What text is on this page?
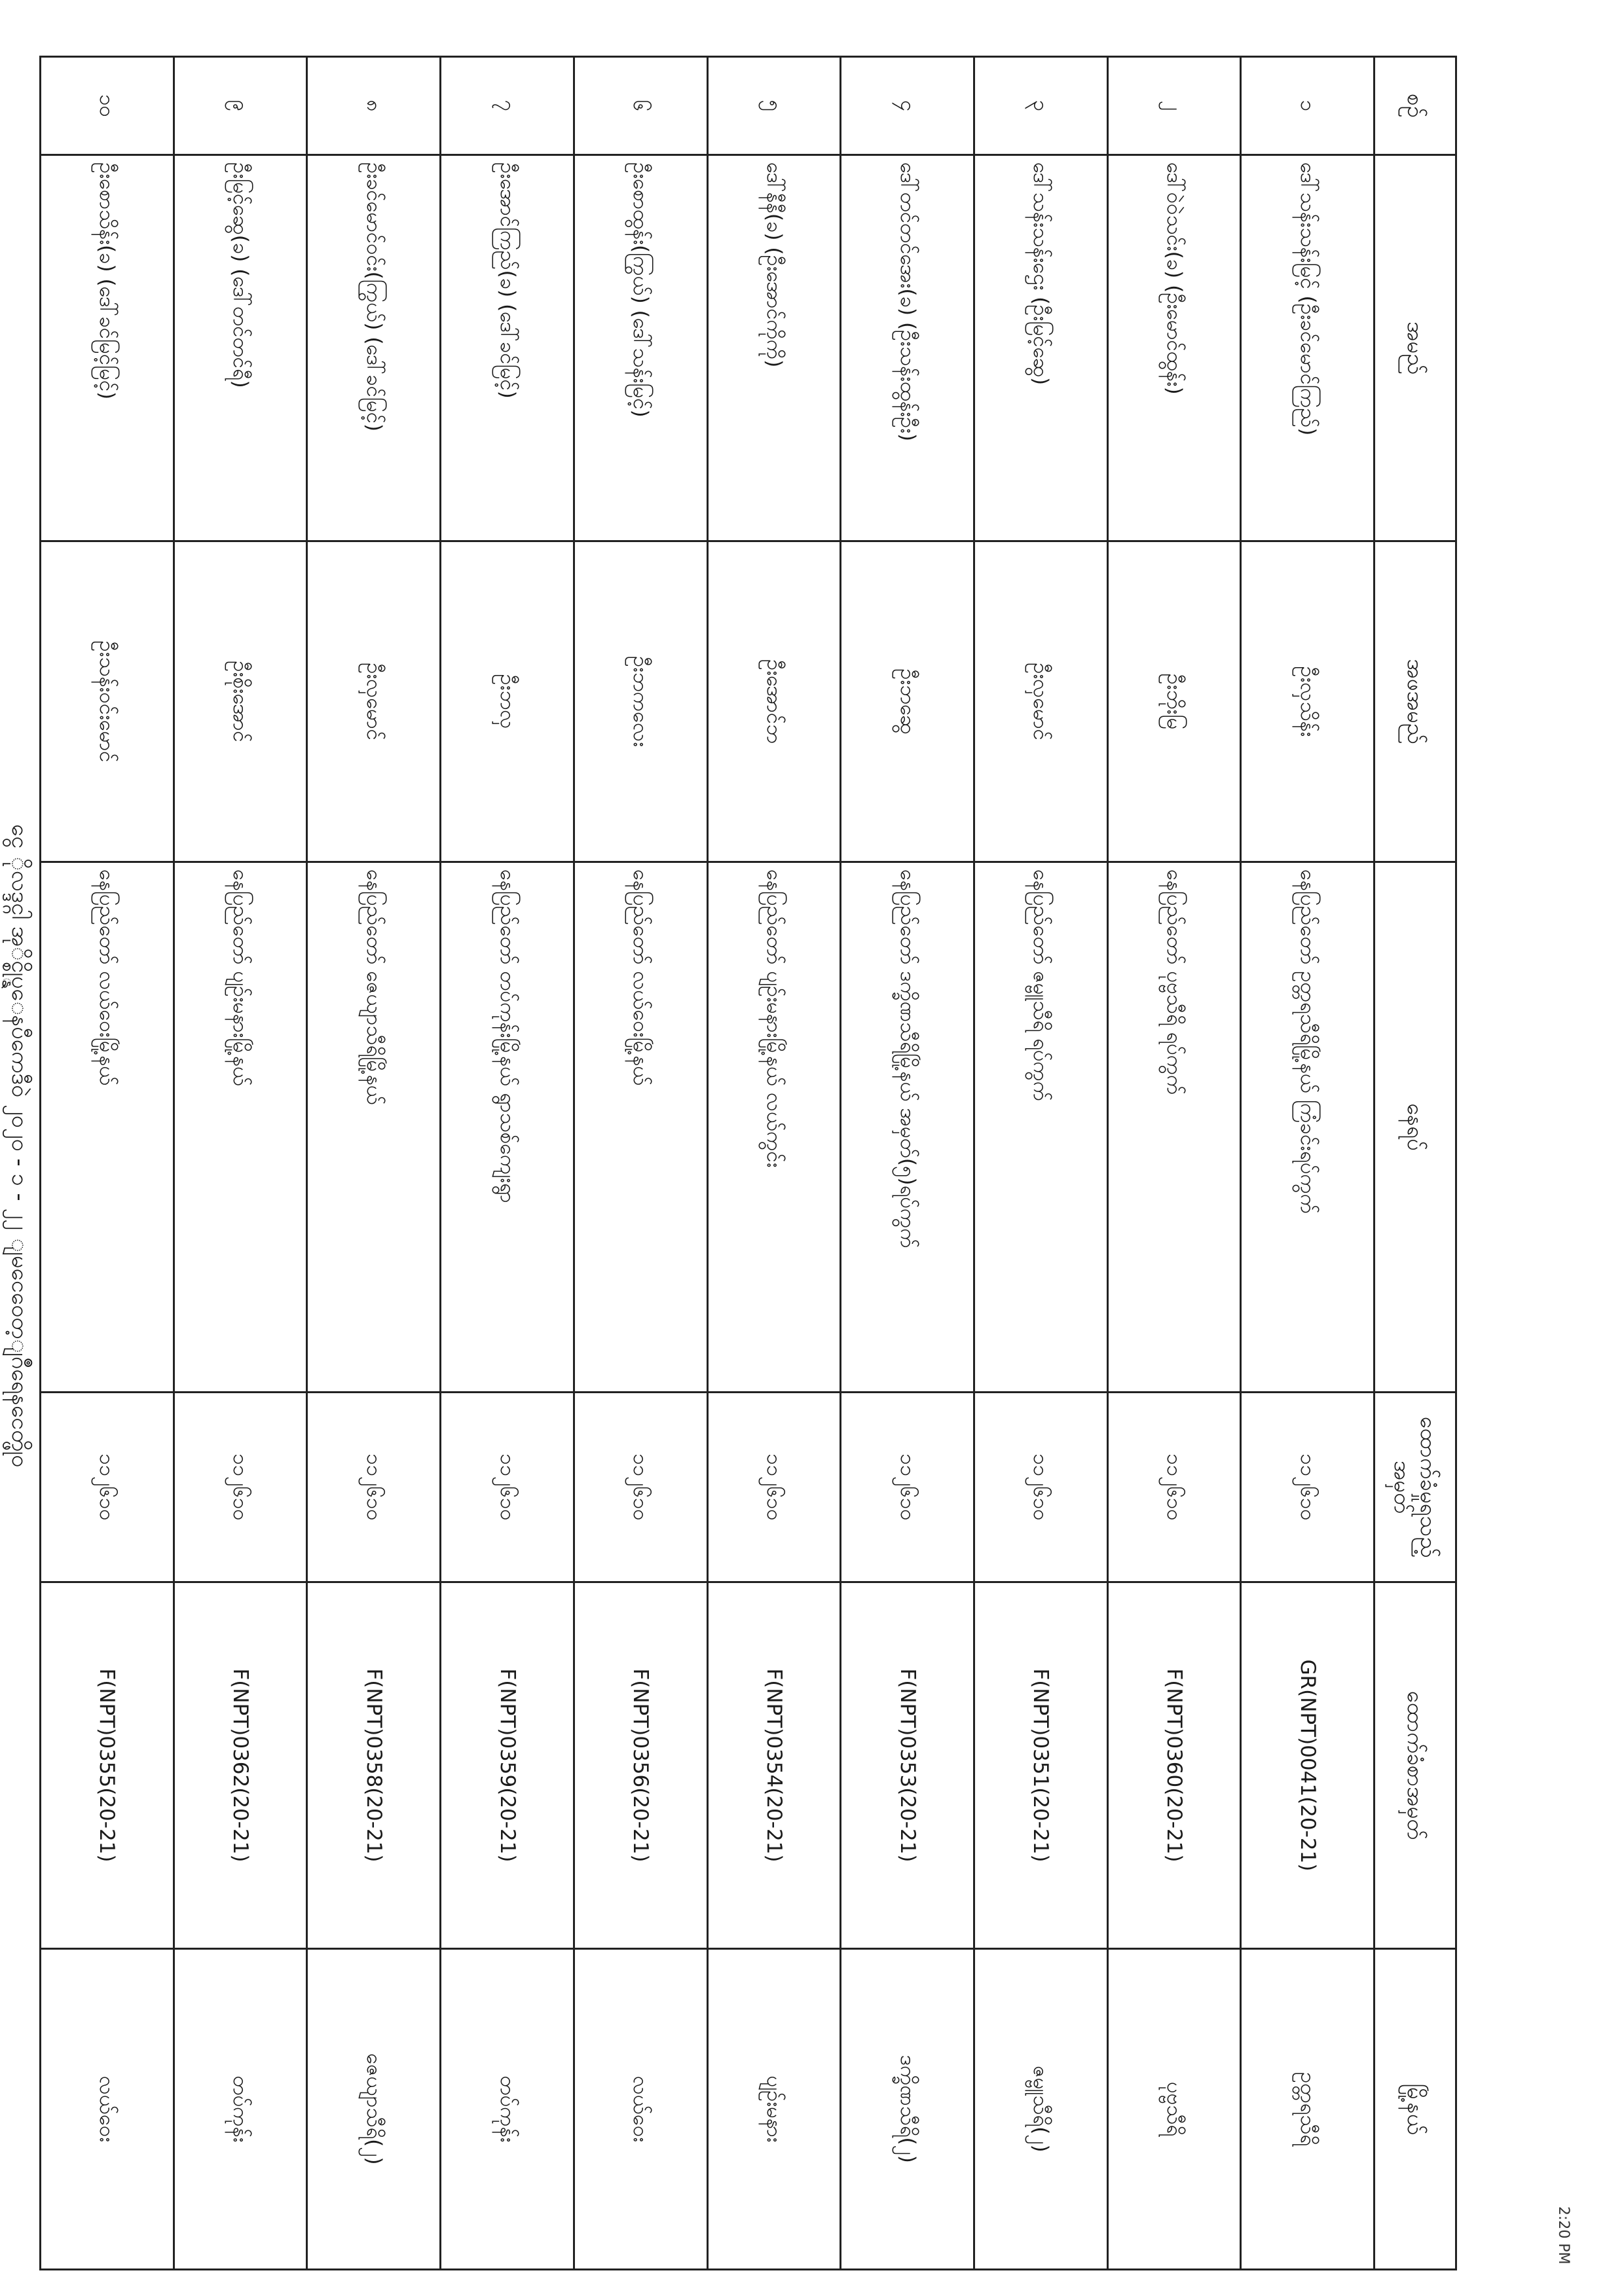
ငွေ ိုလဒ္ဒင္ဂါ အုိင္စ္နိုပ္ေနပီကေဒီဝဲ ၂၀၂၀ - ၁ - ၂၂ ျမငေဝေတ့ျဂိဳရေနငေတ္ဖိုဝ
စဥ်	အမည်	အဖအမည်	နေရပ်	ထောက်ခံမှုရသည့် အမှတ်	ထောက်ခံစာအမှတ်	မြို့နယ်
၁	ဒေါ်သန်းသန်းမြင့် (ဦးခင်မောင်ကြည်)	ဦးလှသိန်း	နေပြည်တော် ဥတ္တရသီရိမြို့နယ် ကြံခင်းရပ်ကွက်	၁၁၂၆၁၀	GR(NPT)0041(20-21)	ဥတ္တရသီရိ
၂	ဒေါ်ဝဲဝဲသင်း(ခ) (ဦးမောင်ထွန်း)	ဦးဘိုးမြ	နေပြည်တော် ပုဗ္ဗသီရိ ရပ်ကွက်	၁၁၂၆၁၀	F(NPT)0360(20-21)	ပုဗ္ဗသီရိ
၃	ဒေါ်သန်းသန်းဌေး (ဦးမြင့်ဆွေ)	ဦးလှမောင်	နေပြည်တော် ဇမ္ဗူသီရိ ရပ်ကွက်	၁၁၂၆၁၀	F(NPT)0351(20-21)	ဇမ္ဗူသီရိ(၂)
၄	ဒေါ်တင်တင်အေး(ခ) (ဦးသန်းထွန်းဦး)	ဦးဘဆွေ	နေပြည်တော် ဒက္ခိဏသီရိမြို့နယ် အမှတ်(၅)ရပ်ကွက်	၁၁၂၆၁၀	F(NPT)0353(20-21)	ဒက္ခိဏသီရိ(၂)
၅	ဒေါ်နီနီ(ခ) (ဦးအောင်ကိုကို)	ဦးအောင်ဘ	နေပြည်တော် ပျဉ်းမနားမြို့နယ် လယ်ကွင်း	၁၁၂၆၁၀	F(NPT)0354(20-21)	ပျဉ်းမနား
၆	ဦးစောထွန်း(ကြွယ်) (ဒေါ်သန်းမြင့်)	ဦးဘကလေး	နေပြည်တော် လယ်ဝေးမြို့နယ်	၁၁၂၆၁၀	F(NPT)0356(20-21)	လယ်ဝေး
၇	ဦးအောင်ကြည်(ခ) (ဒေါ်ခင်မြင့်)	ဦးဘလှ	နေပြည်တော် တပ်ကုန်းမြို့နယ် ရွာသစ်ကျေးရွာ	၁၁၂၆၁၀	F(NPT)0359(20-21)	တပ်ကုန်း
၈	ဦးခင်မောင်ဝင်း(ကြွယ်) (ဒေါ်ခင်မြင့်)	ဦးလှမောင်	နေပြည်တော် ဇေယျာသီရိမြို့နယ်	၁၁၂၆၁၀	F(NPT)0358(20-21)	ဇေယျာသီရိ(၂)
၉	ဦးမြင့်ဆွေ(ခ) (ဒေါ်တင်တင်ရီ)	ဦးစိုးအောင်	နေပြည်တော် ပျဉ်းမနားမြို့နယ်	၁၁၂၆၁၀	F(NPT)0362(20-21)	တပ်ကုန်း
၁၀	ဦးစောသိန်း(ခ) (ဒေါ်ခင်မြင့်မြင့်)	ဦးသန်းဝင်းမောင်	နေပြည်တော် လယ်ဝေးမြို့နယ်	၁၁၂၆၁၀	F(NPT)0355(20-21)	လယ်ဝေး
2:20 PM
